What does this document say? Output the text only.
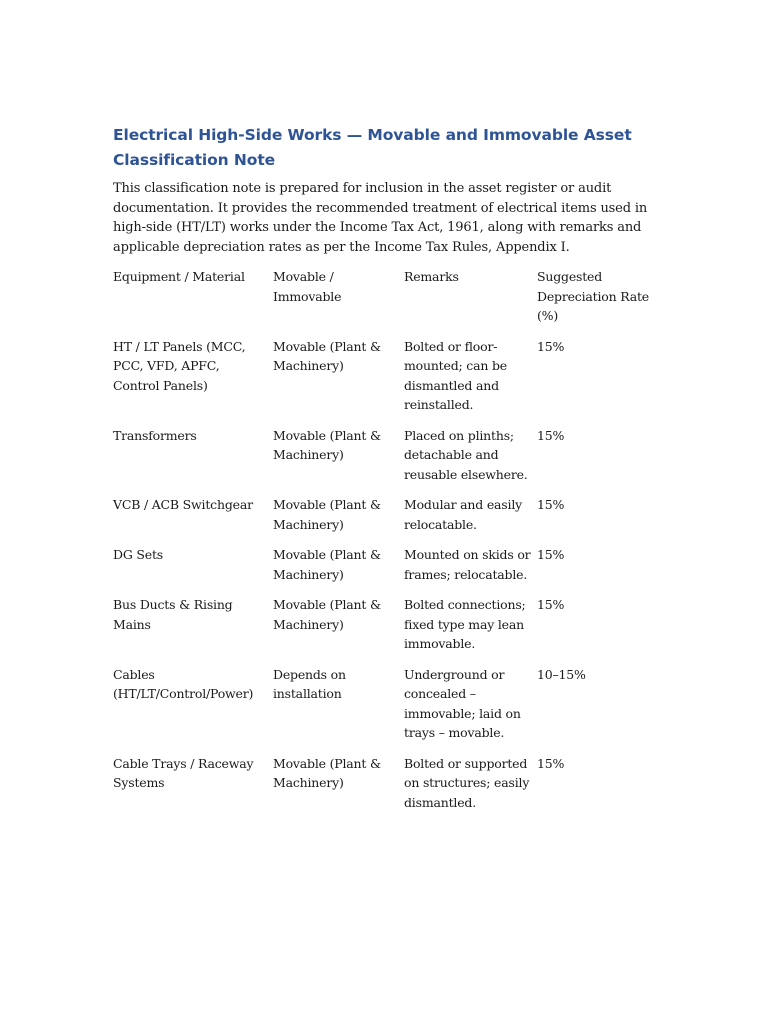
Electrical High-Side Works — Movable and Immovable Asset Classification Note

This classification note is prepared for inclusion in the asset register or audit documentation. It provides the recommended treatment of electrical items used in high-side (HT/LT) works under the Income Tax Act, 1961, along with remarks and applicable depreciation rates as per the Income Tax Rules, Appendix I.

Equipment / Material	Movable / Immovable	Remarks	Suggested Depreciation Rate (%)

HT / LT Panels (MCC, PCC, VFD, APFC, Control Panels)	Movable (Plant & Machinery)	Bolted or floor-mounted; can be dismantled and reinstalled.	15%

Transformers	Movable (Plant & Machinery)	Placed on plinths; detachable and reusable elsewhere.	15%

VCB / ACB Switchgear	Movable (Plant & Machinery)	Modular and easily relocatable.	15%

DG Sets	Movable (Plant & Machinery)	Mounted on skids or frames; relocatable.	15%

Bus Ducts & Rising Mains	Movable (Plant & Machinery)	Bolted connections; fixed type may lean immovable.	15%

Cables (HT/LT/Control/Power)	Depends on installation	Underground or concealed – immovable; laid on trays – movable.	10–15%

Cable Trays / Raceway Systems	Movable (Plant & Machinery)	Bolted or supported on structures; easily dismantled.	15%
